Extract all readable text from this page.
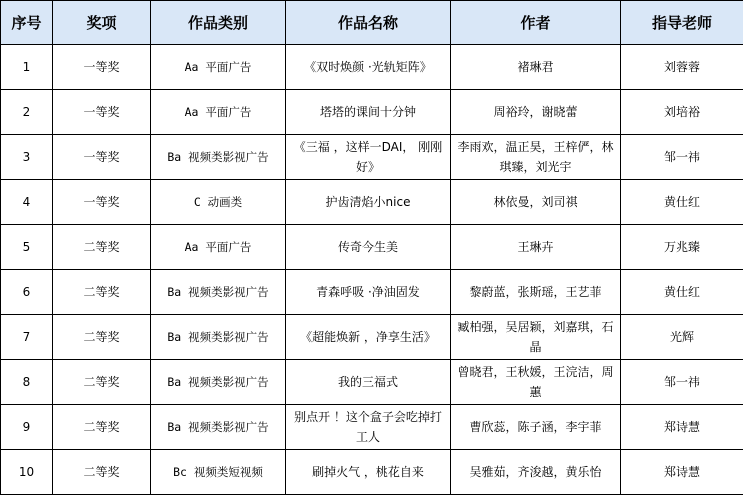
序号	奖项	作品类别	作品名称	作者	指导老师
1	一等奖	Aa 平面广告	《双时焕颜 ·光轨矩阵》	褚琳君	刘蓉蓉
2	一等奖	Aa 平面广告	塔塔的课间十分钟	周裕玲，谢晓蕾	刘培裕
3	一等奖	Ba 视频类影视广告	《三福 ，这样一DAI， 刚刚好》	李雨欢，温正昊，王梓俨，林琪臻，刘光宇	邹一祎
4	一等奖	C 动画类	护齿清焰小nice	林依曼，刘司祺	黄仕红
5	二等奖	Aa 平面广告	传奇今生美	王琳卉	万兆臻
6	二等奖	Ba 视频类影视广告	青森呼吸 ·净油固发	黎蔚蓝，张斯瑶，王艺菲	黄仕红
7	二等奖	Ba 视频类影视广告	《超能焕新 ，净享生活》	臧柏强，吴居颖，刘嘉琪，石晶	光辉
8	二等奖	Ba 视频类影视广告	我的三福式	曾晓君，王秋媛，王浣洁，周蕙	邹一祎
9	二等奖	Ba 视频类影视广告	别点开 ！这个盒子会吃掉打工人	曹欣蕊，陈子涵，李宇菲	郑诗慧
10	二等奖	Bc 视频类短视频	刷掉火气 ，桃花自来	吴雅茹，齐浚越，黄乐怡	郑诗慧
